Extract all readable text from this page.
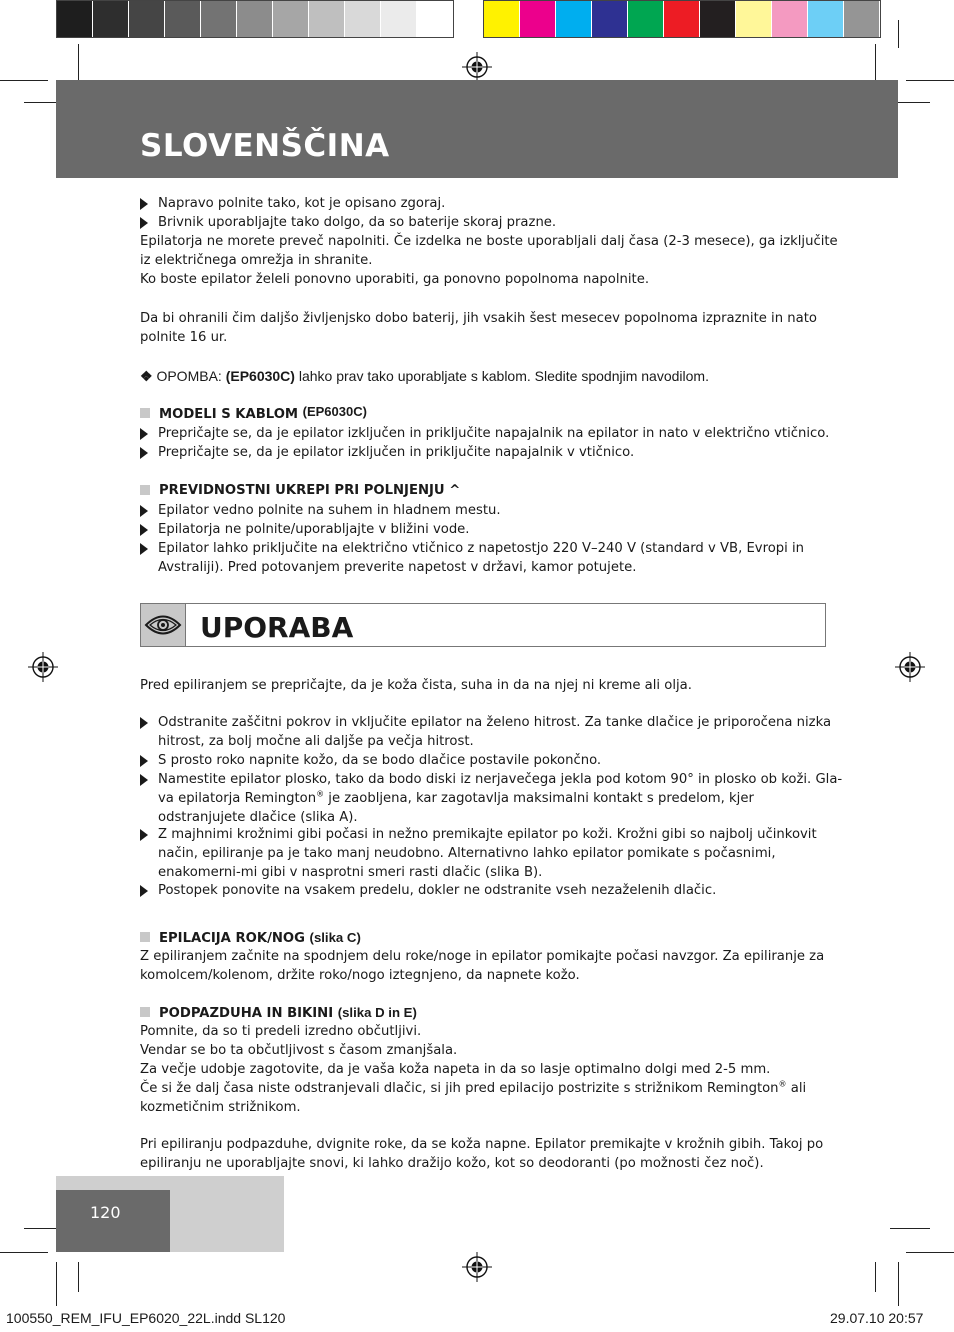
SLOVENŠČINA
Napravo polnite tako, kot je opisano zgoraj.
Brivnik uporabljajte tako dolgo, da so baterije skoraj prazne.
Epilatorja ne morete preveč napolniti. Če izdelka ne boste uporabljali dalj časa (2-3 mesece), ga izključite iz električnega omrežja in shranite.
Ko boste epilator želeli ponovno uporabiti, ga ponovno popolnoma napolnite.
Da bi ohranili čim daljšo življenjsko dobo baterij, jih vsakih šest mesecev popolnoma izpraznite in nato polnite 16 ur.
❖ OPOMBA: (EP6030C) lahko prav tako uporabljate s kablom. Sledite spodnjim navodilom.
MODELI S KABLOM (EP6030C)
Prepričajte se, da je epilator izključen in priključite napajalnik na epilator in nato v električno vtičnico.
Prepričajte se, da je epilator izključen in priključite napajalnik v vtičnico.
PREVIDNOSTNI UKREPI PRI POLNJENJU ^
Epilator vedno polnite na suhem in hladnem mestu.
Epilatorja ne polnite/uporabljajte v bližini vode.
Epilator lahko priključite na električno vtičnico z napetostjo 220 V–240 V (standard v VB, Evropi in Avstraliji). Pred potovanjem preverite napetost v državi, kamor potujete.
UPORABA
Pred epiliranjem se prepričajte, da je koža čista, suha in da na njej ni kreme ali olja.
Odstranite zaščitni pokrov in vključite epilator na želeno hitrost. Za tanke dlačice je priporočena nizka hitrost, za bolj močne ali daljše pa večja hitrost.
S prosto roko napnite kožo, da se bodo dlačice postavile pokončno.
Namestite epilator plosko, tako da bodo diski iz nerjavečega jekla pod kotom 90° in plosko ob koži. Gla-va epilatorja Remington® je zaobljena, kar zagotavlja maksimalni kontakt s predelom, kjer odstranjujete dlačice (slika A).
Z majhnimi krožnimi gibi počasi in nežno premikajte epilator po koži. Krožni gibi so najbolj učinkovit način, epiliranje pa je tako manj neudobno. Alternativno lahko epilator pomikate s počasnimi, enakomerni-mi gibi v nasprotni smeri rasti dlačic (slika B).
Postopek ponovite na vsakem predelu, dokler ne odstranite vseh nezaželenih dlačic.
EPILACIJA ROK/NOG (slika C)
Z epiliranjem začnite na spodnjem delu roke/noge in epilator pomikajte počasi navzgor. Za epiliranje za komolcem/kolenom, držite roko/nogo iztegnjeno, da napnete kožo.
PODPAZDUHA IN BIKINI (slika D in E)
Pomnite, da so ti predeli izredno občutljivi.
Vendar se bo ta občutljivost s časom zmanjšala.
Za večje udobje zagotovite, da je vaša koža napeta in da so lasje optimalno dolgi med 2-5 mm.
Če si že dalj časa niste odstranjevali dlačic, si jih pred epilacijo postrizite s strižnikom Remington® ali kozmetičnim strižnikom.
Pri epiliranju podpazduhe, dvignite roke, da se koža napne. Epilator premikajte v krožnih gibih. Takoj po epiliranju ne uporabljajte snovi, ki lahko dražijo kožo, kot so deodoranti (po možnosti čez noč).
120
100550_REM_IFU_EP6020_22L.indd SL120	29.07.10 20:57
